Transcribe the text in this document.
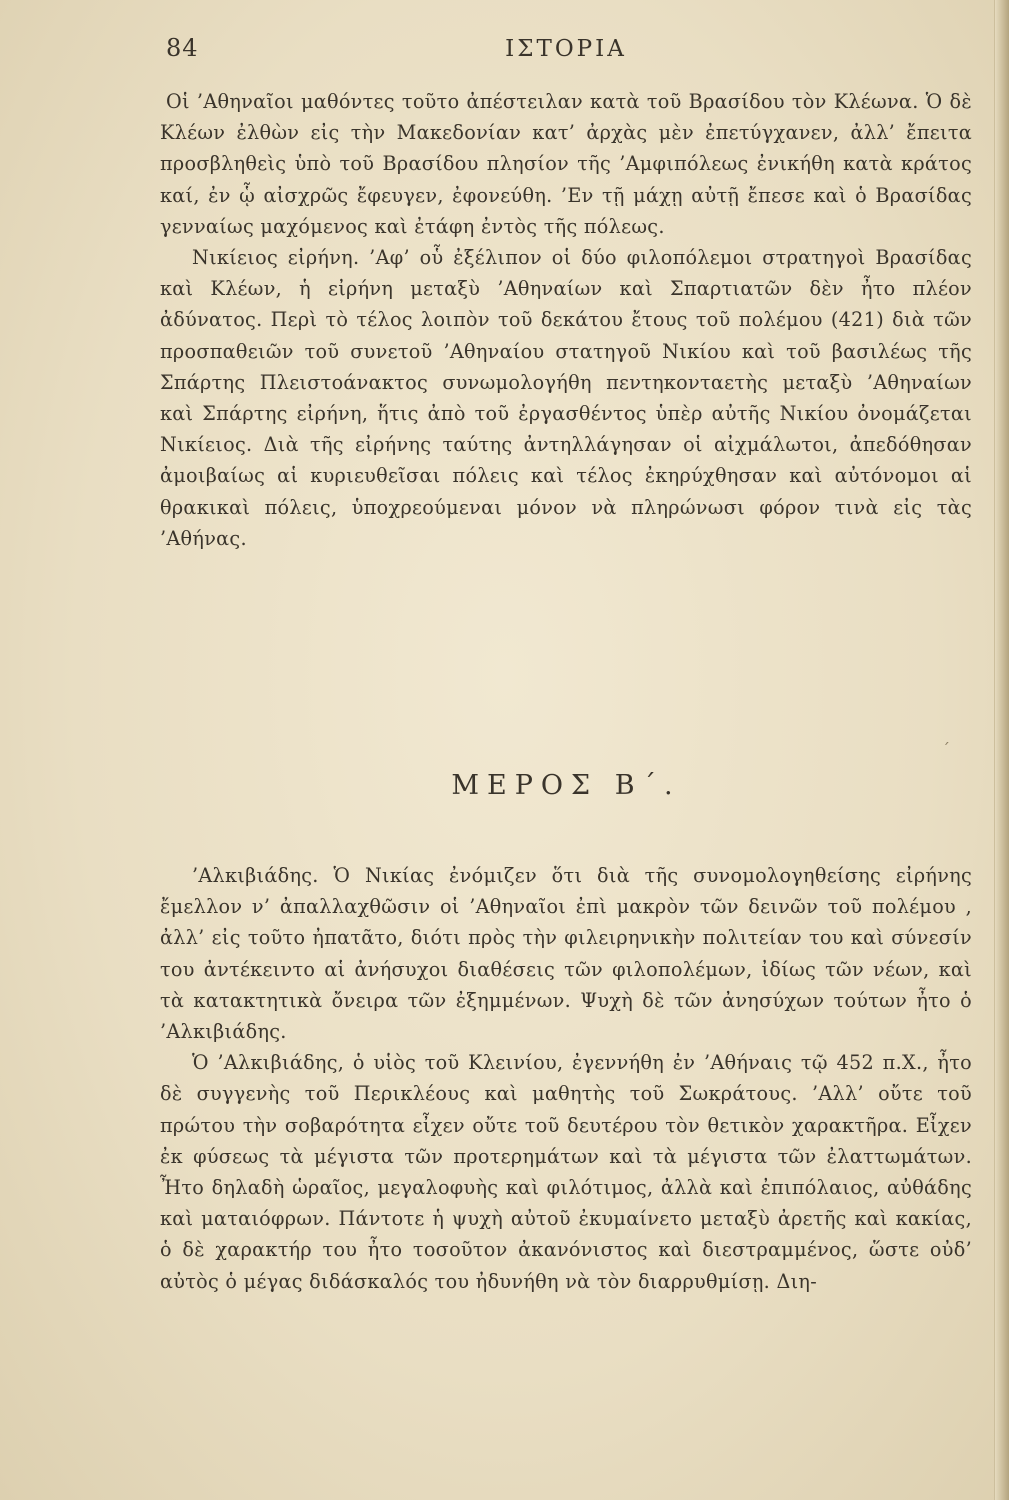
84	ΙΣΤΟΡΙΑ

Οἱ ’Αθηναῖοι μαθόντες τοῦτο ἀπέστειλαν κατὰ τοῦ Βρασίδου τὸν Κλέωνα. Ὁ δὲ Κλέων ἐλθὼν εἰς τὴν Μακεδονίαν κατ’ ἀρχὰς μὲν ἐπετύγχανεν, ἀλλ’ ἔπειτα προσβληθεὶς ὑπὸ τοῦ Βρασίδου πλησίον τῆς ’Αμφιπόλεως ἐνικήθη κατὰ κράτος καί, ἐν ᾧ αἰσχρῶς ἔφευγεν, ἐφονεύθη. ’Εν τῇ μάχῃ αὐτῇ ἔπεσε καὶ ὁ Βρασίδας γενναίως μαχόμενος καὶ ἐτάφη ἐντὸς τῆς πόλεως.

Νικίειος εἰρήνη. ’Αφ’ οὗ ἐξέλιπον οἱ δύο φιλοπόλεμοι στρατηγοὶ Βρασίδας καὶ Κλέων, ἡ εἰρήνη μεταξὺ ’Αθηναίων καὶ Σπαρτιατῶν δὲν ἦτο πλέον ἀδύνατος. Περὶ τὸ τέλος λοιπὸν τοῦ δεκάτου ἔτους τοῦ πολέμου (421) διὰ τῶν προσπαθειῶν τοῦ συνετοῦ ’Αθηναίου στατηγοῦ Νικίου καὶ τοῦ βασιλέως τῆς Σπάρτης Πλειστοάνακτος συνωμολογήθη πεντηκονταετὴς μεταξὺ ’Αθηναίων καὶ Σπάρτης εἰρήνη, ἥτις ἀπὸ τοῦ ἐργασθέντος ὑπὲρ αὐτῆς Νικίου ὀνομάζεται Νικίειος. Διὰ τῆς εἰρήνης ταύτης ἀντηλλάγησαν οἱ αἰχμάλωτοι, ἀπεδόθησαν ἀμοιβαίως αἱ κυριευθεῖσαι πόλεις καὶ τέλος ἐκηρύχθησαν καὶ αὐτόνομοι αἱ θρακικαὶ πόλεις, ὑποχρεούμεναι μόνον νὰ πληρώνωσι φόρον τινὰ εἰς τὰς ’Αθήνας.

´
ΜΕΡΟΣ Β΄.

’Αλκιβιάδης. Ὁ Νικίας ἐνόμιζεν ὅτι διὰ τῆς συνομολογηθείσης εἰρήνης ἔμελλον ν’ ἀπαλλαχθῶσιν οἱ ’Αθηναῖοι ἐπὶ μακρὸν τῶν δεινῶν τοῦ πολέμου , ἀλλ’ εἰς τοῦτο ἠπατᾶτο, διότι πρὸς τὴν φιλειρηνικὴν πολιτείαν του καὶ σύνεσίν του ἀντέκειντο αἱ ἀνήσυχοι διαθέσεις τῶν φιλοπολέμων, ἰδίως τῶν νέων, καὶ τὰ κατακτητικὰ ὄνειρα τῶν ἐξημμένων. Ψυχὴ δὲ τῶν ἀνησύχων τούτων ἦτο ὁ ’Αλκιβιάδης.

Ὁ ’Αλκιβιάδης, ὁ υἱὸς τοῦ Κλεινίου, ἐγεννήθη ἐν ’Αθήναις τῷ 452 π.Χ., ἦτο δὲ συγγενὴς τοῦ Περικλέους καὶ μαθητὴς τοῦ Σωκράτους. ’Αλλ’ οὔτε τοῦ πρώτου τὴν σοβαρότητα εἶχεν οὔτε τοῦ δευτέρου τὸν θετικὸν χαρακτῆρα. Εἶχεν ἐκ φύσεως τὰ μέγιστα τῶν προτερημάτων καὶ τὰ μέγιστα τῶν ἐλαττωμάτων. Ἦτο δηλαδὴ ὡραῖος, μεγαλοφυὴς καὶ φιλότιμος, ἀλλὰ καὶ ἐπιπόλαιος, αὐθάδης καὶ ματαιόφρων. Πάντοτε ἡ ψυχὴ αὐτοῦ ἐκυμαίνετο μεταξὺ ἀρετῆς καὶ κακίας, ὁ δὲ χαρακτήρ του ἦτο τοσοῦτον ἀκανόνιστος καὶ διεστραμμένος, ὥστε οὐδ’ αὐτὸς ὁ μέγας διδάσκαλός του ἠδυνήθη νὰ τὸν διαρρυθμίσῃ. Διη-
